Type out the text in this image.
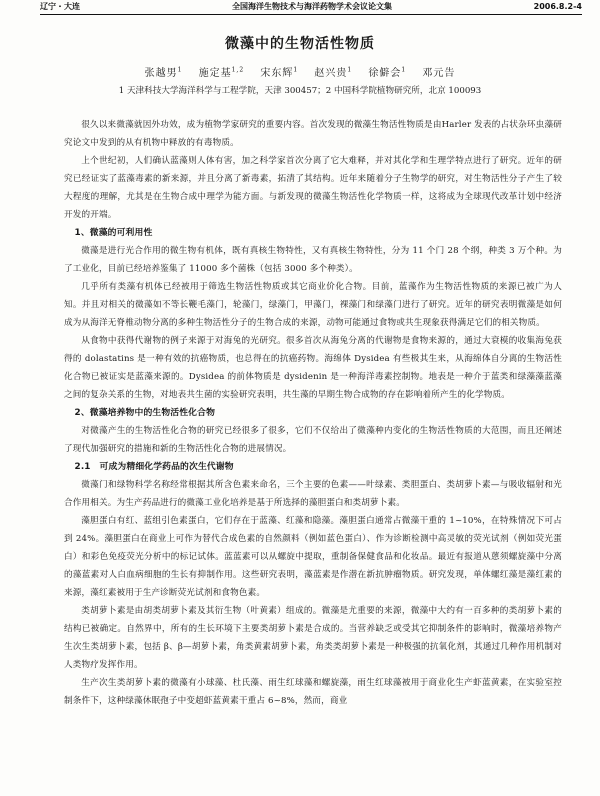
辽宁・大连	全国海洋生物技术与海洋药物学术会议论文集	2006.8.2-4
微藻中的生物活性物质
张越男$^1$ 施定基$^{1,2}$ 宋东辉$^1$ 赵兴贵$^1$ 徐僻会$^1$ 邓元告
1 天津科技大学海洋科学与工程学院，天津 300457；2 中国科学院植物研究所，北京 100093

很久以来微藻就因外功效，成为植物学家研究的重要内容。首次发现的微藻生物活性物质是由Harler 发表的占状杂环虫藻研究论文中发到的从有机物中释放的有毒物质。

上个世纪初，人们确认蓝藻则人体有害，加之科学家首次分离了它大难释，并对其化学和生理学特点进行了研究。近年的研究已经证实了蓝藻毒素的新来源，并且分离了新毒素，拓清了其结构。近年来随着分子生物学的研究，对生物活性分子产生了较大程度的理解，尤其是在生物合成中理学为能方面。与新发现的微藻生物活性化学物质一样，这将成为全球现代改革计划中经济开发的开端。

1、微藻的可利用性

微藻是进行光合作用的微生物有机体，既有真核生物特性，又有真核生物特性，分为 11 个门 28 个纲，种类 3 万个种。为了工业化，目前已经培养鉴集了 11000 多个菌株（包括 3000 多个种类）。

几乎所有类藻有机体已经被用于筛选生物活性物质或其它商业价化合物。目前，蓝藻作为生物活性物质的来源已被广为人知。并且对相关的微藻如不等长鞭毛藻门，轮藻门，绿藻门，甲藻门，裸藻门和绿藻门进行了研究。近年的研究表明微藻是如何成为从海洋无脊椎动物分离的多种生物活性分子的生物合成的来源，动物可能通过食物或共生现象获得满足它们的相关物质。

从食物中获得代谢物的例子来源于对海兔的光研究。很多首次从海兔分离的代谢物是食物来源的，通过大衰模的收集海兔获得的 dolastatins 是一种有效的抗癌物质，也总得在的抗癌药物。海绵体 Dysidea 有些极其生来，从海绵体自分离的生物活性化合物已被证实是蓝藻来源的。Dysidea 的前体物质是 dysidenin 是一种海洋毒素控制物。地表是一种介于蓝类和绿藻藻蓝藻之间的复杂关系的生物，对地表共生菌的实验研究表明，共生藻的早期生物合成物的存在影响着所产生的化学物质。

2、微藻培养物中的生物活性化合物

对微藻产生的生物活性化合物的研究已经很多了很多，它们不仅给出了微藻种内变化的生物活性物质的大范围，而且还阐述了现代加强研究的措施和新的生物活性化合物的进展情况。

2.1　可成为精细化学药品的次生代谢物

微藻门和绿物科学名称经常根据其所含色素来命名，三个主要的色素——叶绿素、类胆蛋白、类胡萝卜素—与吸收辐射和光合作用相关。为生产药品进行的微藻工业化培养是基于所选择的藻胆蛋白和类胡萝卜素。

藻胆蛋白有红、蓝组引色素蛋白，它们存在于蓝藻、红藻和隐藻。藻胆蛋白通常占微藻干重的 1~10%，在特殊情况下可占到 24%。藻胆蛋白在商业上可作为替代合成色素的自然颜料（例如蓝色蛋白）、作为诊断检测中高灵敏的荧光试剂（例如荧光蛋白）和彩色免疫荧光分析中的标记试体。蓝蓝素可以从螺旋中提取，重制备保健食品和化妆品。最近有报道从蒽须螺旋藻中分离的藻蓝素对人白血病细胞的生长有抑制作用。这些研究表明，藻蓝素是作潜在新抗肿瘤物质。研究发现，单体螺红藻是藻红素的来源，藻红素被用于生产诊断荧光试剂和食物色素。

类胡萝卜素是由胡类胡萝卜素及其衍生物（叶黄素）组成的。微藻是尤重要的来源，微藻中大约有一百多种的类胡萝卜素的结构已被确定。自然界中，所有的生长环境下主要类胡萝卜素是合成的。当营养缺乏或受其它抑制条件的影响时，微藻培养物产生次生类胡萝卜素，包括 β、β—胡萝卜素，角类黄素胡萝卜素，角类类胡萝卜素是一种极强的抗氧化剂，其通过几种作用机制对人类物疗发挥作用。

生产次生类胡萝卜素的微藻有小球藻、杜氏藻、雨生红球藻和螺旋藻，雨生红球藻被用于商业化生产虾蓝黄素，在实验室控制条件下，这种绿藻休眠孢子中变超虾蓝黄素干重占 6~8%，然而，商业
